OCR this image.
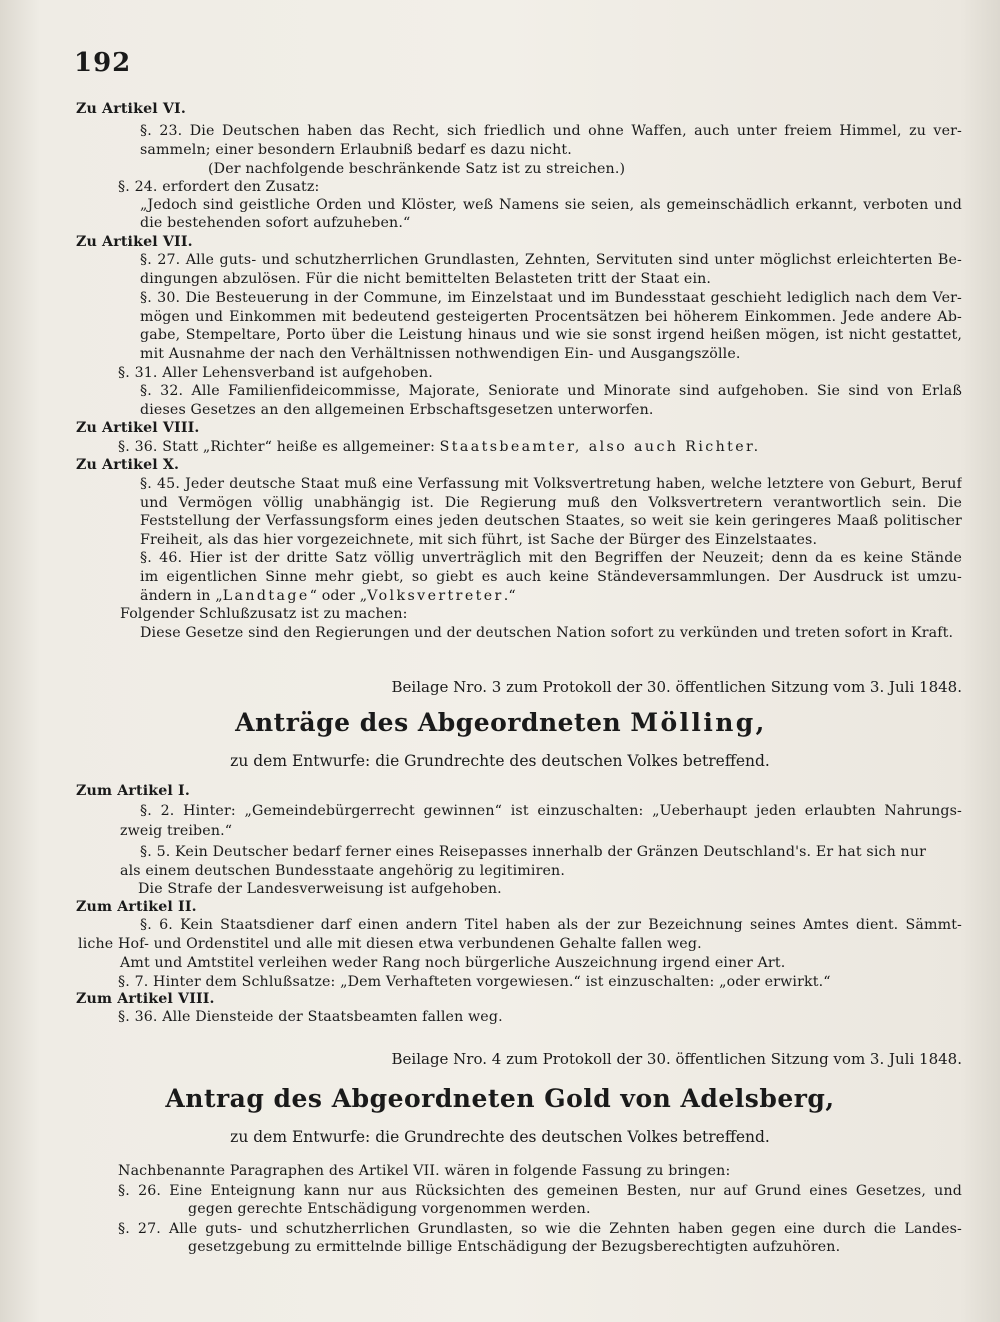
192
Zu Artikel VI.
§. 23. Die Deutschen haben das Recht, sich friedlich und ohne Waffen, auch unter freiem Himmel, zu ver-
sammeln; einer besondern Erlaubniß bedarf es dazu nicht.
(Der nachfolgende beschränkende Satz ist zu streichen.)
§. 24. erfordert den Zusatz:
„Jedoch sind geistliche Orden und Klöster, weß Namens sie seien, als gemeinschädlich erkannt, verboten und
die bestehenden sofort aufzuheben.“
Zu Artikel VII.
§. 27. Alle guts- und schutzherrlichen Grundlasten, Zehnten, Servituten sind unter möglichst erleichterten Be-
dingungen abzulösen. Für die nicht bemittelten Belasteten tritt der Staat ein.
§. 30. Die Besteuerung in der Commune, im Einzelstaat und im Bundesstaat geschieht lediglich nach dem Ver-
mögen und Einkommen mit bedeutend gesteigerten Procentsätzen bei höherem Einkommen. Jede andere Ab-
gabe, Stempeltare, Porto über die Leistung hinaus und wie sie sonst irgend heißen mögen, ist nicht gestattet,
mit Ausnahme der nach den Verhältnissen nothwendigen Ein- und Ausgangszölle.
§. 31. Aller Lehensverband ist aufgehoben.
§. 32. Alle Familienfideicommisse, Majorate, Seniorate und Minorate sind aufgehoben. Sie sind von Erlaß
dieses Gesetzes an den allgemeinen Erbschaftsgesetzen unterworfen.
Zu Artikel VIII.
§. 36. Statt „Richter“ heiße es allgemeiner: Staatsbeamter, also auch Richter.
Zu Artikel X.
§. 45. Jeder deutsche Staat muß eine Verfassung mit Volksvertretung haben, welche letztere von Geburt, Beruf
und Vermögen völlig unabhängig ist. Die Regierung muß den Volksvertretern verantwortlich sein. Die
Feststellung der Verfassungsform eines jeden deutschen Staates, so weit sie kein geringeres Maaß politischer
Freiheit, als das hier vorgezeichnete, mit sich führt, ist Sache der Bürger des Einzelstaates.
§. 46. Hier ist der dritte Satz völlig unverträglich mit den Begriffen der Neuzeit; denn da es keine Stände
im eigentlichen Sinne mehr giebt, so giebt es auch keine Ständeversammlungen. Der Ausdruck ist umzu-
ändern in „Landtage“ oder „Volksvertreter.“
Folgender Schlußzusatz ist zu machen:
Diese Gesetze sind den Regierungen und der deutschen Nation sofort zu verkünden und treten sofort in Kraft.
Beilage Nro. 3 zum Protokoll der 30. öffentlichen Sitzung vom 3. Juli 1848.
Anträge des Abgeordneten Mölling,
zu dem Entwurfe: die Grundrechte des deutschen Volkes betreffend.
Zum Artikel I.
§. 2. Hinter: „Gemeindebürgerrecht gewinnen“ ist einzuschalten: „Ueberhaupt jeden erlaubten Nahrungs-
zweig treiben.“
§. 5. Kein Deutscher bedarf ferner eines Reisepasses innerhalb der Gränzen Deutschland's. Er hat sich nur
als einem deutschen Bundesstaate angehörig zu legitimiren.
Die Strafe der Landesverweisung ist aufgehoben.
Zum Artikel II.
§. 6. Kein Staatsdiener darf einen andern Titel haben als der zur Bezeichnung seines Amtes dient. Sämmt-
liche Hof- und Ordenstitel und alle mit diesen etwa verbundenen Gehalte fallen weg.
Amt und Amtstitel verleihen weder Rang noch bürgerliche Auszeichnung irgend einer Art.
§. 7. Hinter dem Schlußsatze: „Dem Verhafteten vorgewiesen.“ ist einzuschalten: „oder erwirkt.“
Zum Artikel VIII.
§. 36. Alle Diensteide der Staatsbeamten fallen weg.
Beilage Nro. 4 zum Protokoll der 30. öffentlichen Sitzung vom 3. Juli 1848.
Antrag des Abgeordneten Gold von Adelsberg,
zu dem Entwurfe: die Grundrechte des deutschen Volkes betreffend.
Nachbenannte Paragraphen des Artikel VII. wären in folgende Fassung zu bringen:
§. 26. Eine Enteignung kann nur aus Rücksichten des gemeinen Besten, nur auf Grund eines Gesetzes, und
gegen gerechte Entschädigung vorgenommen werden.
§. 27. Alle guts- und schutzherrlichen Grundlasten, so wie die Zehnten haben gegen eine durch die Landes-
gesetzgebung zu ermittelnde billige Entschädigung der Bezugsberechtigten aufzuhören.
